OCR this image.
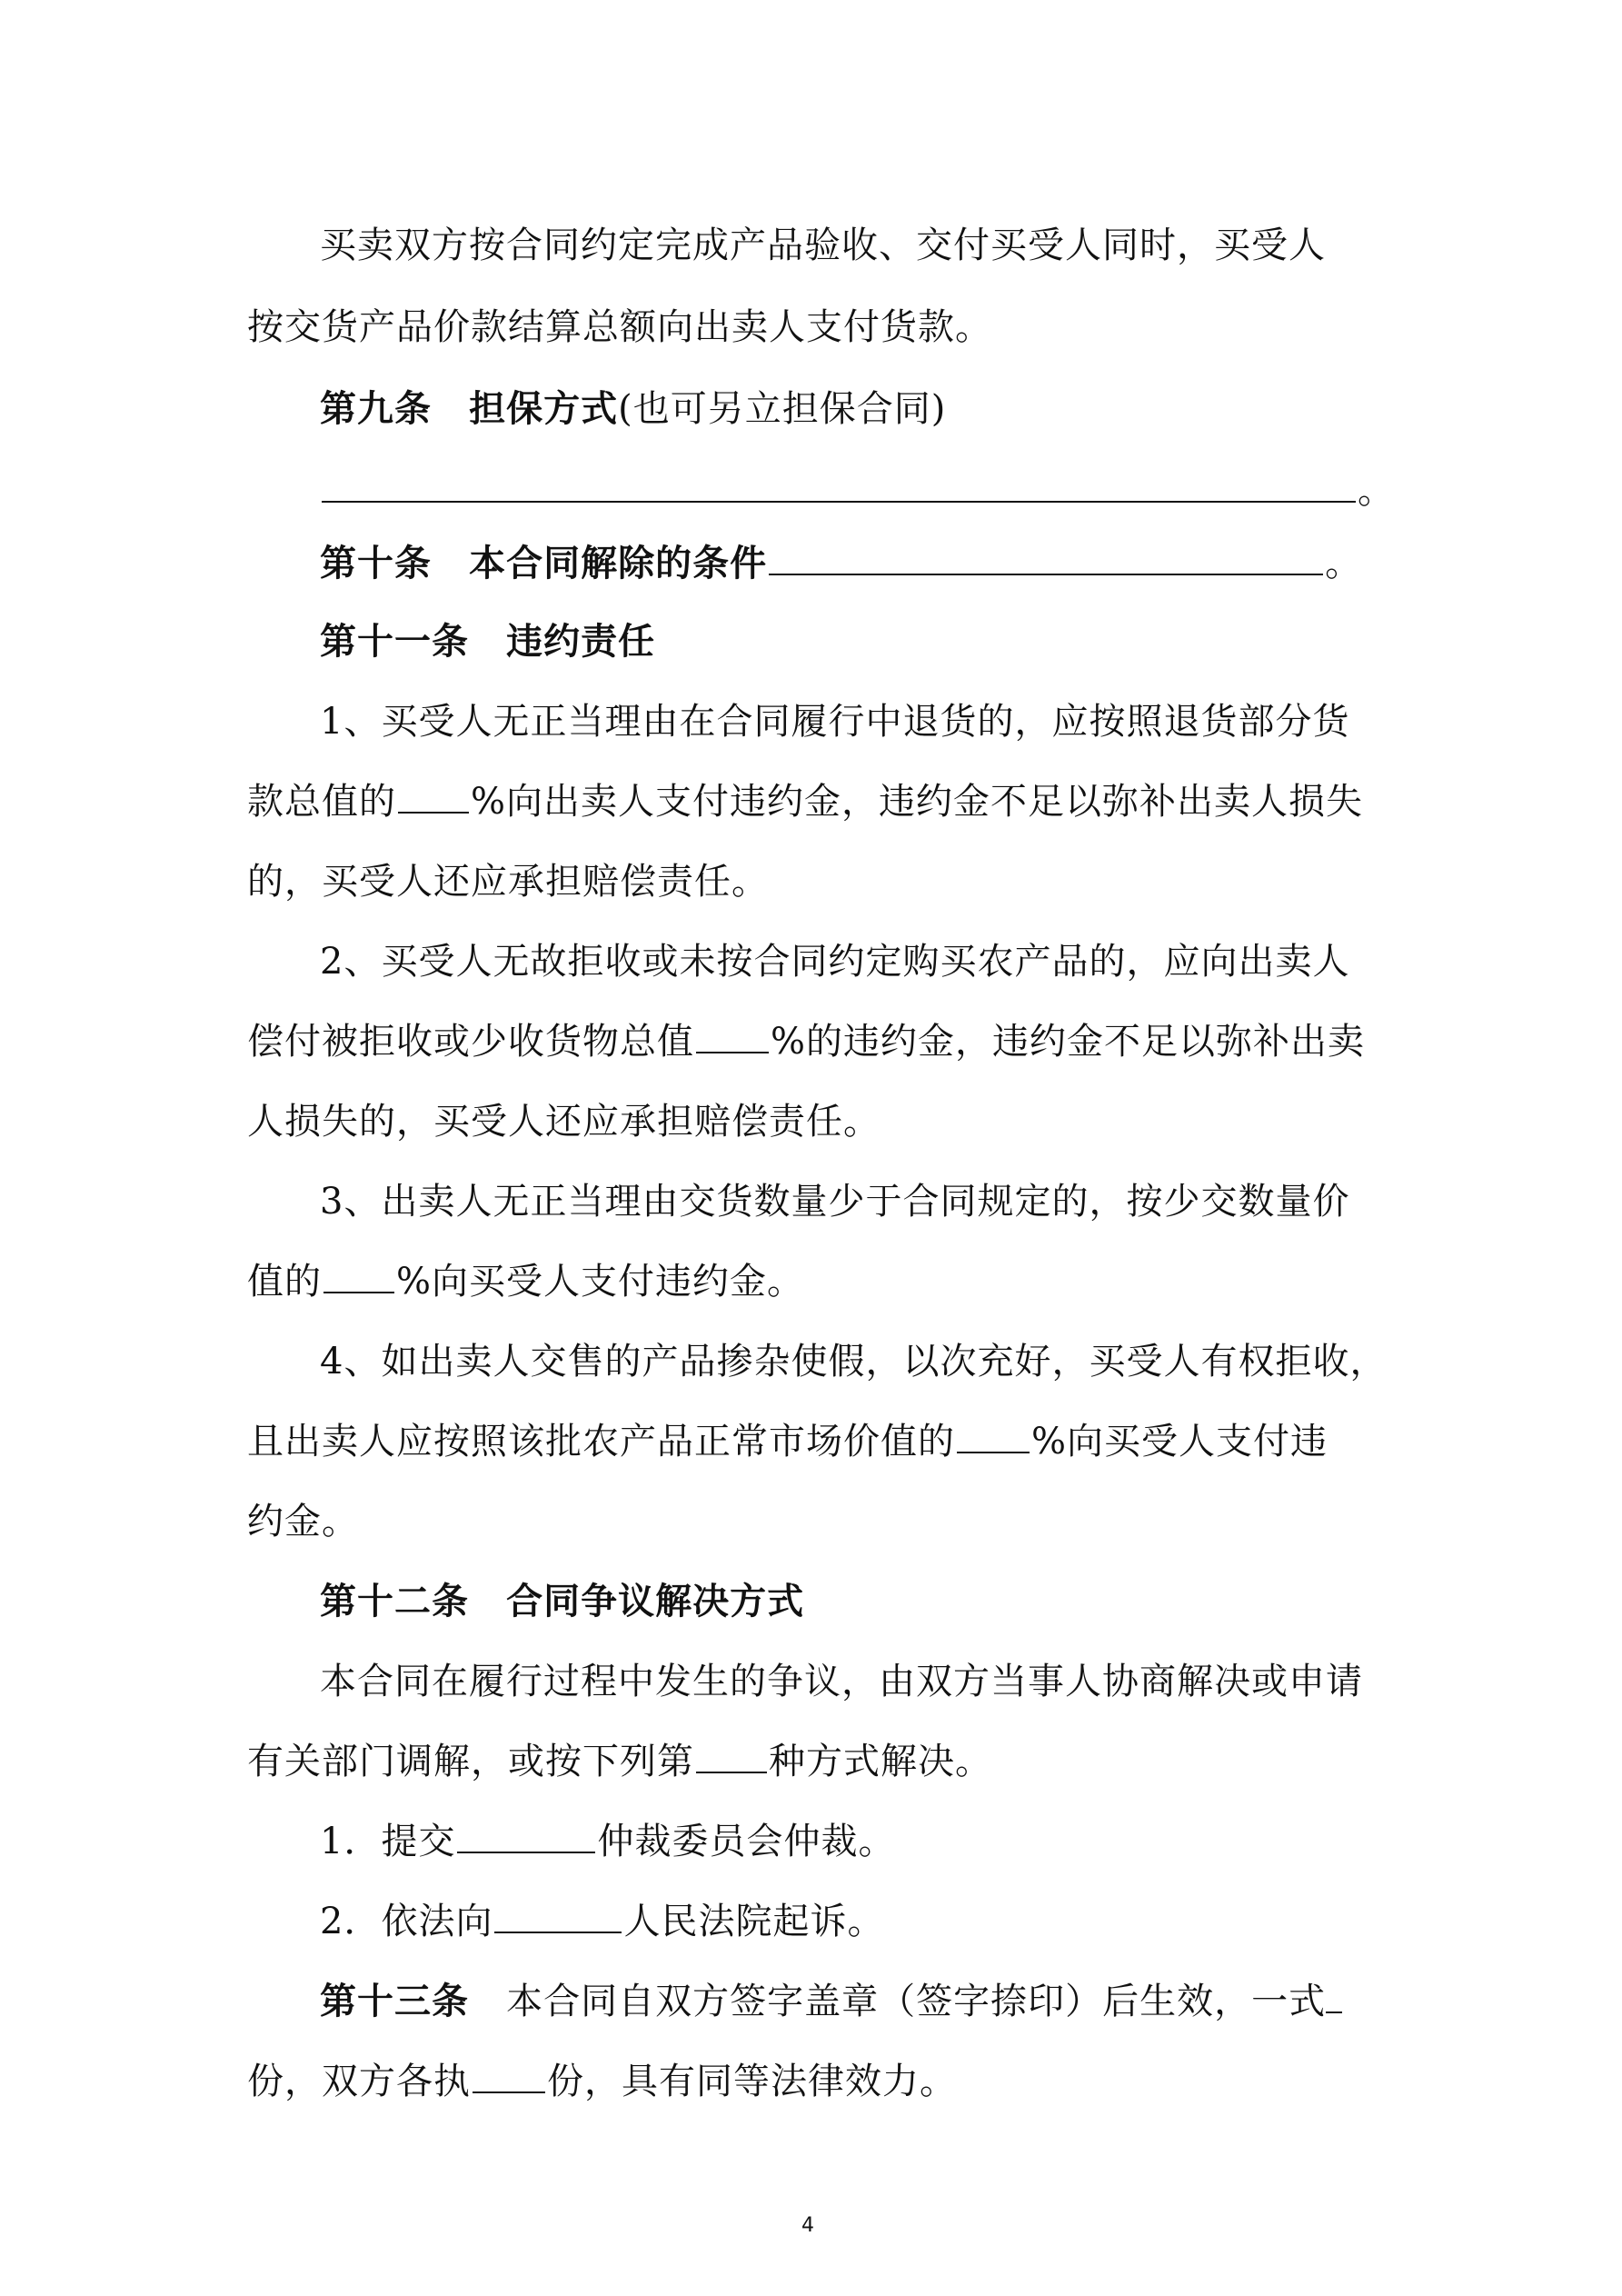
买卖双方按合同约定完成产品验收、交付买受人同时，买受人
按交货产品价款结算总额向出卖人支付货款。
第九条 担保方式(也可另立担保合同)
。
第十条 本合同解除的条件	。
第十一条 违约责任
1、买受人无正当理由在合同履行中退货的，应按照退货部分货
款总值的 %向出卖人支付违约金，违约金不足以弥补出卖人损失
的，买受人还应承担赔偿责任。
2、买受人无故拒收或未按合同约定购买农产品的，应向出卖人
偿付被拒收或少收货物总值 %的违约金，违约金不足以弥补出卖
人损失的，买受人还应承担赔偿责任。
3、出卖人无正当理由交货数量少于合同规定的，按少交数量价
值的 %向买受人支付违约金。
4、如出卖人交售的产品掺杂使假，以次充好，买受人有权拒收，
且出卖人应按照该批农产品正常市场价值的 %向买受人支付违
约金。
第十二条 合同争议解决方式
本合同在履行过程中发生的争议，由双方当事人协商解决或申请
有关部门调解，或按下列第 种方式解决。
1．提交	仲裁委员会仲裁。
2．依法向	人民法院起诉。
第十三条 本合同自双方签字盖章（签字捺印）后生效，一式
份，双方各执 份，具有同等法律效力。
4
